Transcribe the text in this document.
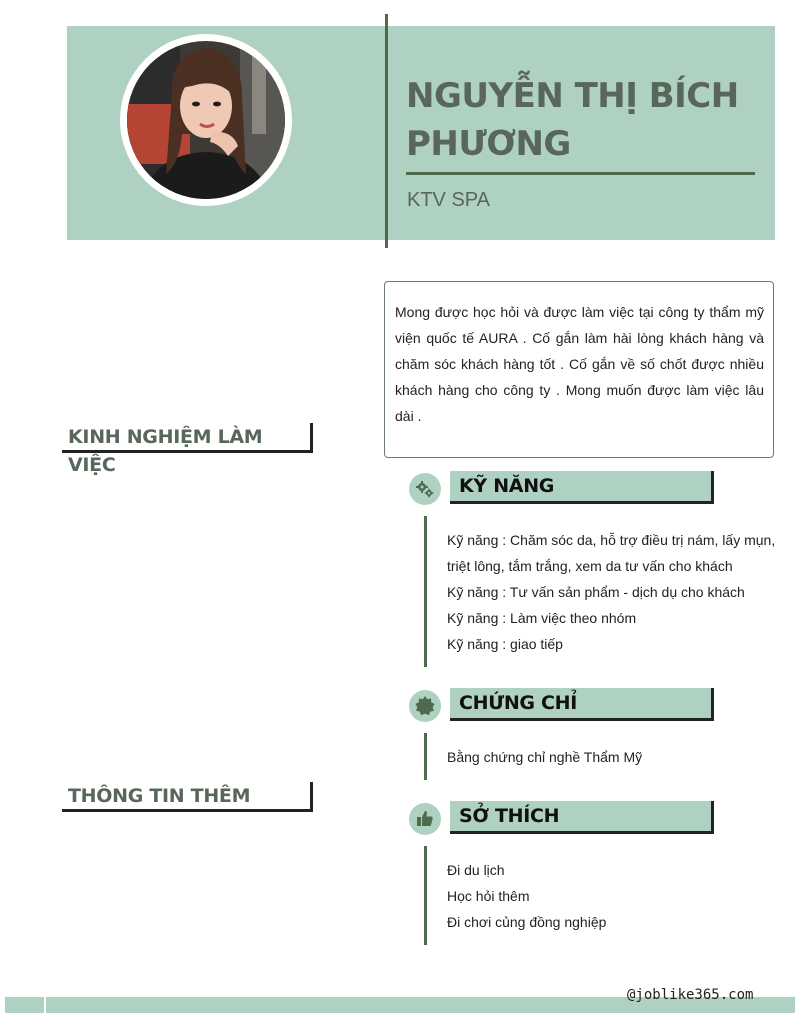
NGUYỄN THỊ BÍCH PHƯƠNG
KTV SPA
Mong được học hỏi và được làm việc tại công ty thẩm mỹ viện quốc tế AURA . Cố gắn làm hài lòng khách hàng và chăm sóc khách hàng tốt . Cố gắn về số chốt được nhiều khách hàng cho công ty . Mong muốn được làm việc lâu dài .
KINH NGHIỆM LÀM VIỆC
THÔNG TIN THÊM
KỸ NĂNG
Kỹ năng : Chăm sóc da, hỗ trợ điều trị nám, lấy mụn, triệt lông, tắm trắng, xem da tư vấn cho khách
Kỹ năng : Tư vấn sản phẩm - dịch dụ cho khách
Kỹ năng : Làm việc theo nhóm
Kỹ năng : giao tiếp
CHỨNG CHỈ
Bằng chứng chỉ nghề Thẩm Mỹ
SỞ THÍCH
Đi du lịch
Học hỏi thêm
Đi chơi củng đồng nghiệp
@joblike365.com
